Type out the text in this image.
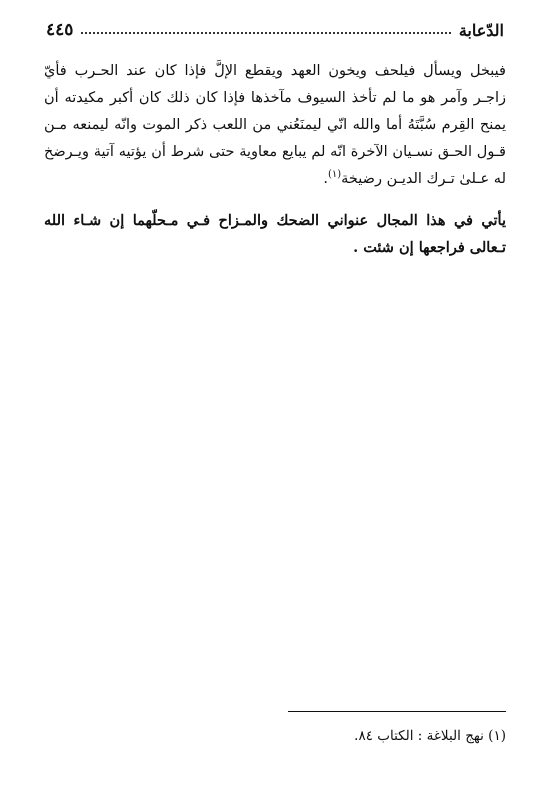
٤٤٥	الدّعابة

فيبخل ويسأل فيلحف ويخون العهد ويقطع الإلَّ فإذا كان عند الحـرب فأيّ زاجـر وآمر هو ما لم تأخذ السيوف مآخذها فإذا كان ذلك كان أكبر مكيدته أن يمنح القِرم سُبَّتَهُ أما والله انّي ليمنَعُني من اللعب ذكر الموت وانّه ليمنعه مـن قـول الحـق نسـيان الآخرة انّه لم يبايع معاوية حتى شرط أن يؤتيه آتية ويـرضخ له عـلىٰ تـرك الديـن رضيخة$^{(١)}$.

يأتي في هذا المجال عنواني الضحك والمـزاح فـي مـحلّهما إن شـاء الله تـعالى فراجعها إن شئت .

(١) نهج البلاغة : الكتاب ٨٤.
